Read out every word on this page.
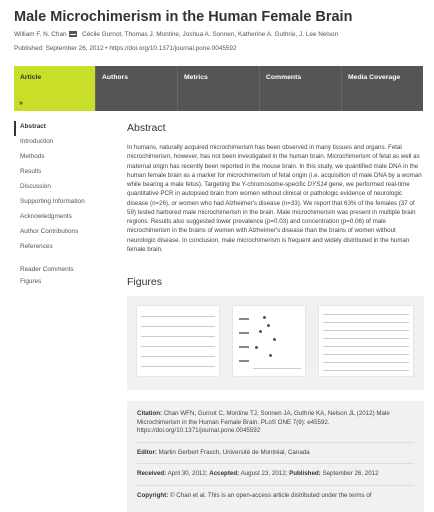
Male Microchimerism in the Human Female Brain
William F. N. Chan Cécile Gurnot, Thomas J. Montine, Joshua A. Sonnen, Katherine A. Guthrie, J. Lee Nelson
Published: September 26, 2012 • https://doi.org/10.1371/journal.pone.0045592
Article
»
Authors	Metrics	Comments	Media Coverage
Abstract
Introduction
Methods
Results
Discussion
Supporting Information
Acknowledgments
Author Contributions
References
Reader Comments
Figures
Abstract
In humans, naturally acquired microchimerism has been observed in many tissues and organs. Fetal microchimerism, however, has not been investigated in the human brain. Microchimerism of fetal as well as maternal origin has recently been reported in the mouse brain. In this study, we quantified male DNA in the human female brain as a marker for microchimerism of fetal origin (i.e. acquisition of male DNA by a woman while bearing a male fetus). Targeting the Y-chromosome-specific DYS14 gene, we performed real-time quantitative PCR in autopsied brain from women without clinical or pathologic evidence of neurologic disease (n=26), or women who had Alzheimer's disease (n=33). We report that 63% of the females (37 of 59) tested harbored male microchimerism in the brain. Male microchimerism was present in multiple brain regions. Results also suggested lower prevalence (p=0.03) and concentration (p=0.06) of male microchimerism in the brains of women with Alzheimer's disease than the brains of women without neurologic disease. In conclusion, male microchimerism is frequent and widely distributed in the human female brain.
Figures
Citation: Chan WFN, Gurnot C, Montine TJ, Sonnen JA, Guthrie KA, Nelson JL (2012) Male Microchimerism in the Human Female Brain. PLoS ONE 7(9): e45592. https://doi.org/10.1371/journal.pone.0045592
Editor: Martin Gerbert Frasch, Université de Montréal, Canada
Received: April 30, 2012; Accepted: August 23, 2012; Published: September 26, 2012
Copyright: © Chan et al. This is an open-access article distributed under the terms of
